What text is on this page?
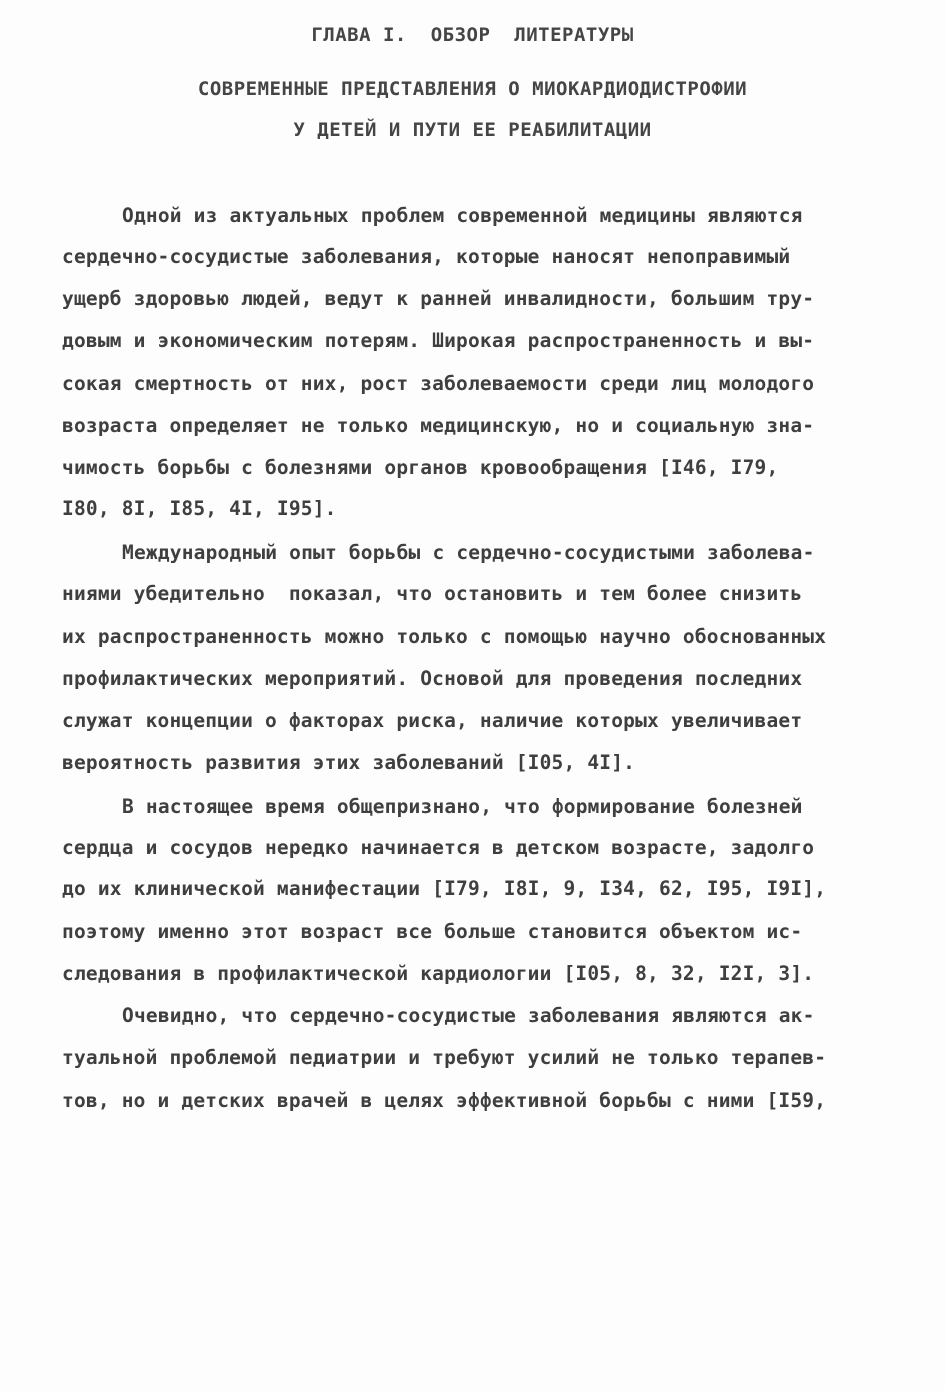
ГЛАВА I.  ОБЗОР  ЛИТЕРАТУРЫ
СОВРЕМЕННЫЕ ПРЕДСТАВЛЕНИЯ О МИОКАРДИОДИСТРОФИИ
У ДЕТЕЙ И ПУТИ ЕЕ РЕАБИЛИТАЦИИ
Одной из актуальных проблем современной медицины являются
сердечно-сосудистые заболевания, которые наносят непоправимый
ущерб здоровью людей, ведут к ранней инвалидности, большим тру-
довым и экономическим потерям. Широкая распространенность и вы-
сокая смертность от них, рост заболеваемости среди лиц молодого
возраста определяет не только медицинскую, но и социальную зна-
чимость борьбы с болезнями органов кровообращения [I46, I79,
I80, 8I, I85, 4I, I95].
Международный опыт борьбы с сердечно-сосудистыми заболева-
ниями убедительно  показал, что остановить и тем более снизить
их распространенность можно только с помощью научно обоснованных
профилактических мероприятий. Основой для проведения последних
служат концепции о факторах риска, наличие которых увеличивает
вероятность развития этих заболеваний [I05, 4I].
В настоящее время общепризнано, что формирование болезней
сердца и сосудов нередко начинается в детском возрасте, задолго
до их клинической манифестации [I79, I8I, 9, I34, 62, I95, I9I],
поэтому именно этот возраст все больше становится объектом ис-
следования в профилактической кардиологии [I05, 8, 32, I2I, 3].
Очевидно, что сердечно-сосудистые заболевания являются ак-
туальной проблемой педиатрии и требуют усилий не только терапев-
тов, но и детских врачей в целях эффективной борьбы с ними [I59,
